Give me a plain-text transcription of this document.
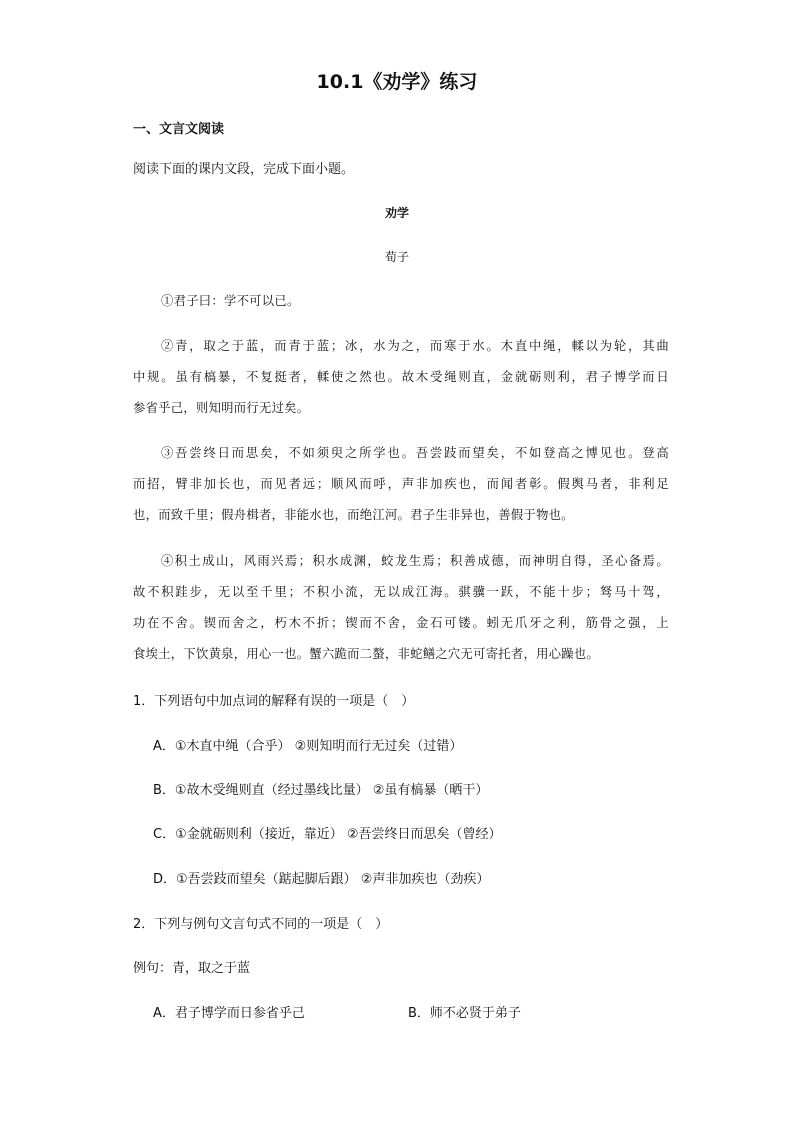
10.1《劝学》练习
一、文言文阅读
阅读下面的课内文段，完成下面小题。
劝学
荀子
①君子曰：学不可以已。
②青，取之于蓝，而青于蓝；冰，水为之，而寒于水。木直中绳，輮以为轮，其曲
中规。虽有槁暴，不复挺者，輮使之然也。故木受绳则直，金就砺则利，君子博学而日
参省乎己，则知明而行无过矣。
③吾尝终日而思矣，不如须臾之所学也。吾尝跂而望矣，不如登高之博见也。登高
而招，臂非加长也，而见者远；顺风而呼，声非加疾也，而闻者彰。假舆马者，非利足
也，而致千里；假舟楫者，非能水也，而绝江河。君子生非异也，善假于物也。
④积土成山，风雨兴焉；积水成渊，蛟龙生焉；积善成德，而神明自得，圣心备焉。
故不积跬步，无以至千里；不积小流，无以成江海。骐骥一跃，不能十步；驽马十驾，
功在不舍。锲而舍之，朽木不折；锲而不舍，金石可镂。蚓无爪牙之利，筋骨之强，上
食埃土，下饮黄泉，用心一也。蟹六跪而二螯，非蛇鳝之穴无可寄托者，用心躁也。
1．下列语句中加点词的解释有误的一项是（　）
A．①木直中绳（合乎） ②则知明而行无过矣（过错）
B．①故木受绳则直（经过墨线比量） ②虽有槁暴（晒干）
C．①金就砺则利（接近，靠近） ②吾尝终日而思矣（曾经）
D．①吾尝跂而望矣（踮起脚后跟） ②声非加疾也（劲疾）
2．下列与例句文言句式不同的一项是（　）
例句：青，取之于蓝
A．君子博学而日参省乎己	B．师不必贤于弟子
